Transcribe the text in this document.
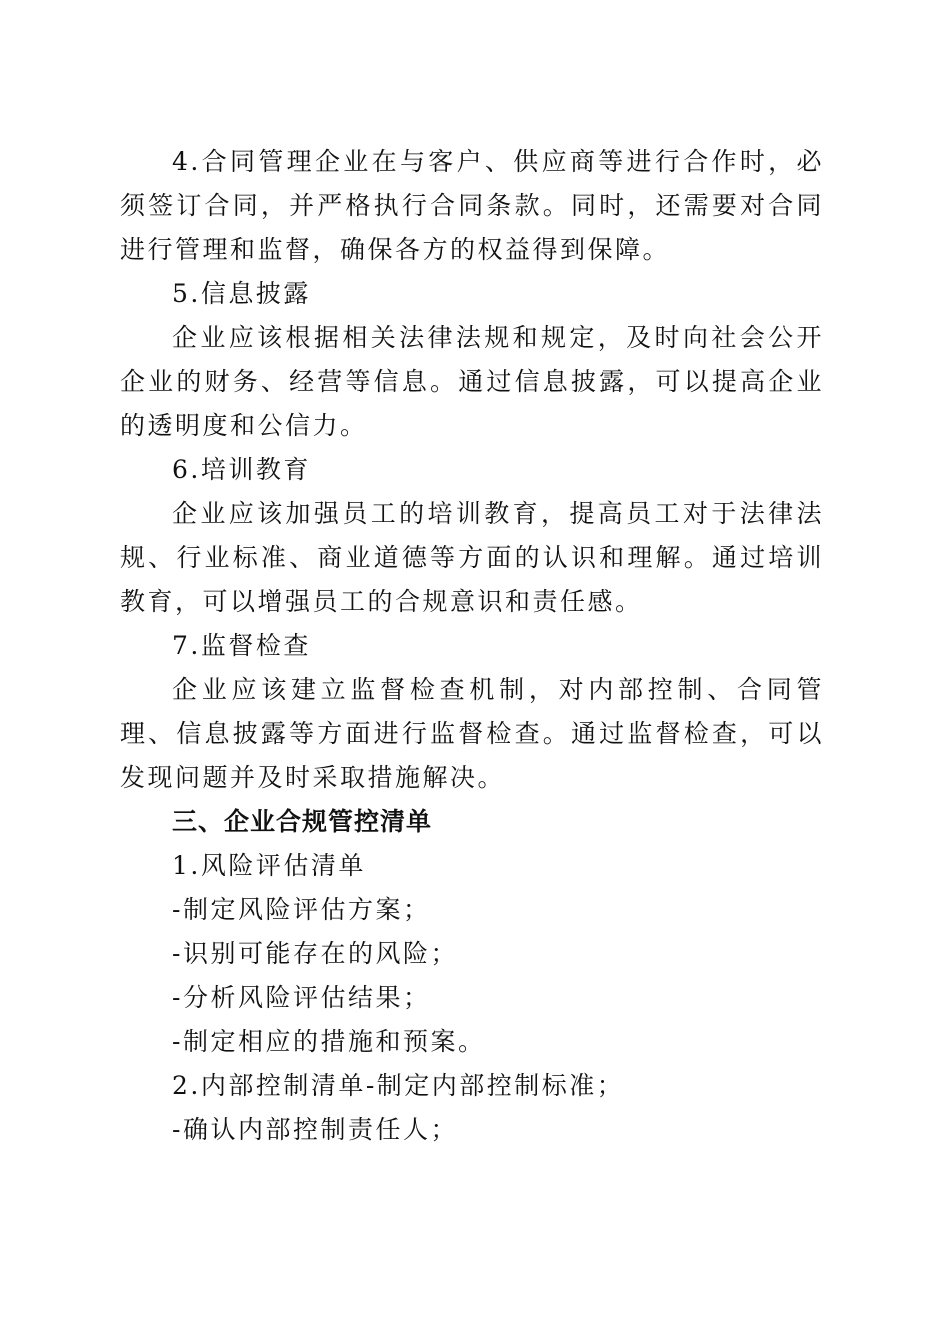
4.合同管理企业在与客户、供应商等进行合作时，必须签订合同，并严格执行合同条款。同时，还需要对合同进行管理和监督，确保各方的权益得到保障。

5.信息披露

企业应该根据相关法律法规和规定，及时向社会公开企业的财务、经营等信息。通过信息披露，可以提高企业的透明度和公信力。

6.培训教育

企业应该加强员工的培训教育，提高员工对于法律法规、行业标准、商业道德等方面的认识和理解。通过培训教育，可以增强员工的合规意识和责任感。

7.监督检查

企业应该建立监督检查机制，对内部控制、合同管理、信息披露等方面进行监督检查。通过监督检查，可以发现问题并及时采取措施解决。

三、企业合规管控清单

1.风险评估清单

-制定风险评估方案；

-识别可能存在的风险；

-分析风险评估结果；

-制定相应的措施和预案。

2.内部控制清单-制定内部控制标准；

-确认内部控制责任人；
